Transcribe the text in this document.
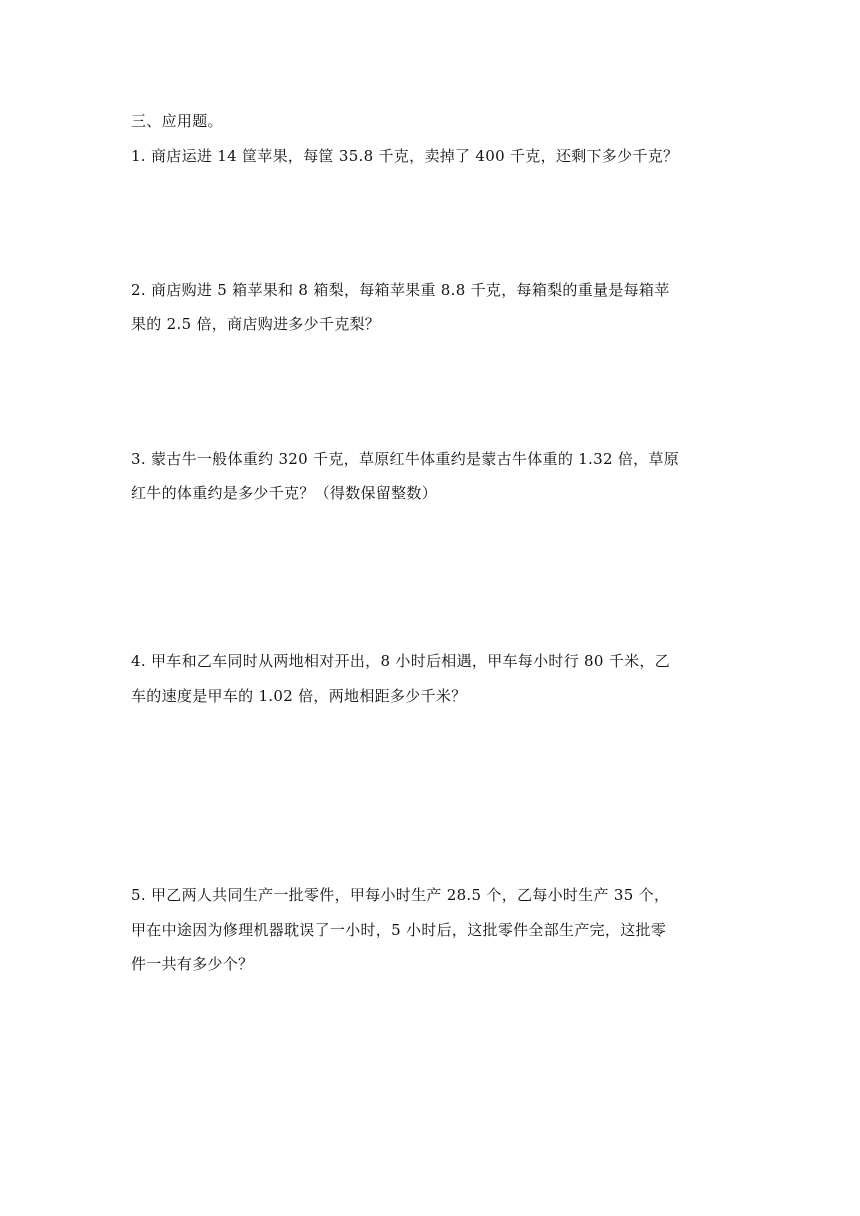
三、应用题。
1. 商店运进 14 筐苹果，每筐 35.8 千克，卖掉了 400 千克，还剩下多少千克？
2. 商店购进 5 箱苹果和 8 箱梨，每箱苹果重 8.8 千克，每箱梨的重量是每箱苹
果的 2.5 倍，商店购进多少千克梨？
3. 蒙古牛一般体重约 320 千克，草原红牛体重约是蒙古牛体重的 1.32 倍，草原
红牛的体重约是多少千克？（得数保留整数）
4. 甲车和乙车同时从两地相对开出，8 小时后相遇，甲车每小时行 80 千米，乙
车的速度是甲车的 1.02 倍，两地相距多少千米？
5. 甲乙两人共同生产一批零件，甲每小时生产 28.5 个，乙每小时生产 35 个，
甲在中途因为修理机器耽误了一小时，5 小时后，这批零件全部生产完，这批零
件一共有多少个？
